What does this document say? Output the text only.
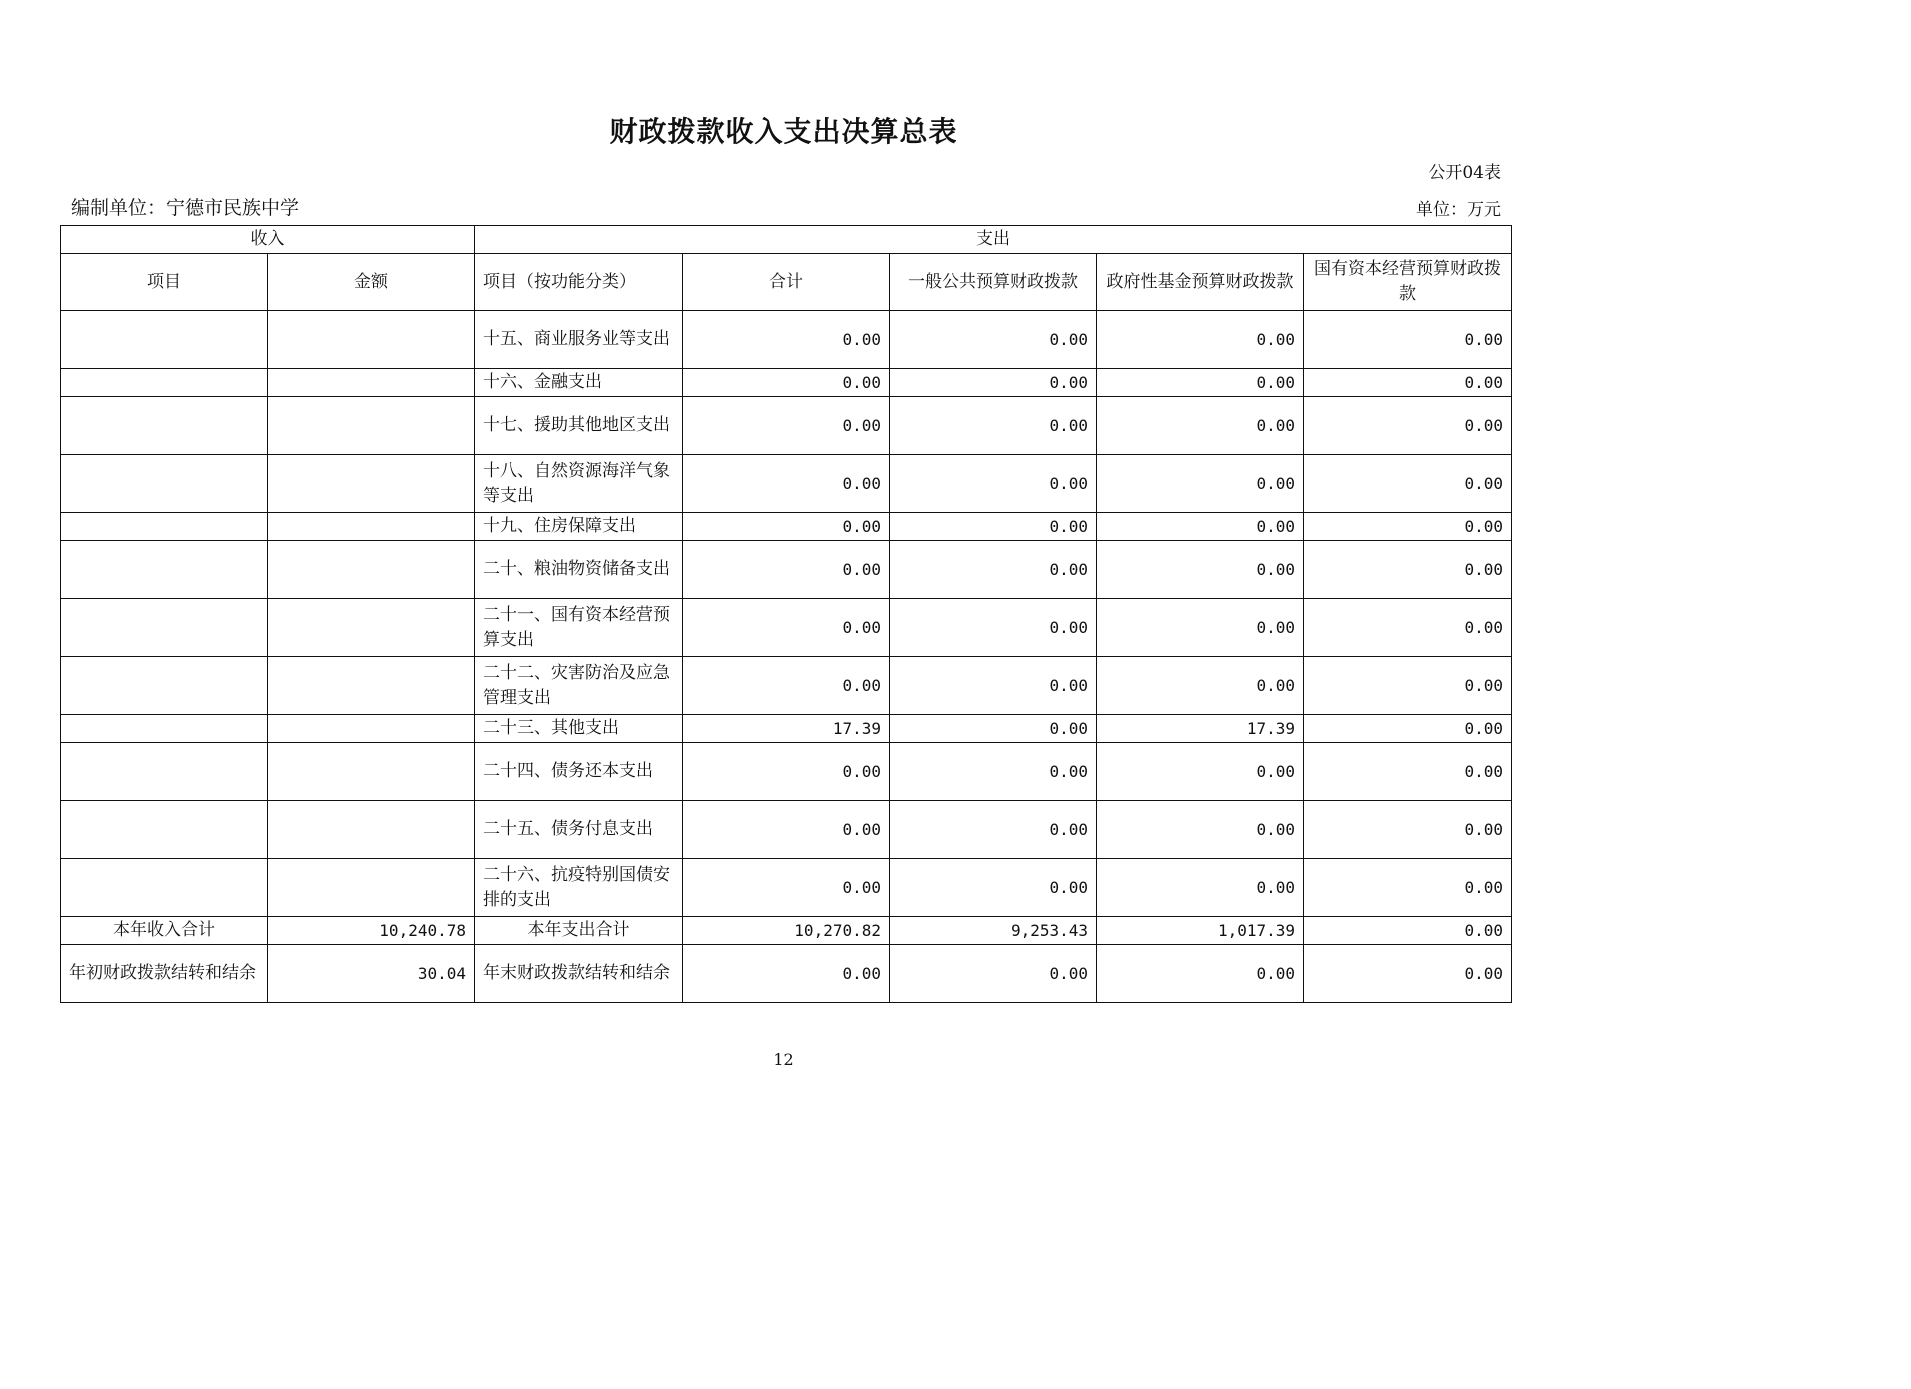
财政拨款收入支出决算总表
公开04表
编制单位：宁德市民族中学	单位：万元
收入		支出				
项目	金额	项目（按功能分类）	合计	一般公共预算财政拨款	政府性基金预算财政拨款	国有资本经营预算财政拨款
		十五、商业服务业等支出	0.00	0.00	0.00	0.00
		十六、金融支出	0.00	0.00	0.00	0.00
		十七、援助其他地区支出	0.00	0.00	0.00	0.00
		十八、自然资源海洋气象等支出	0.00	0.00	0.00	0.00
		十九、住房保障支出	0.00	0.00	0.00	0.00
		二十、粮油物资储备支出	0.00	0.00	0.00	0.00
		二十一、国有资本经营预算支出	0.00	0.00	0.00	0.00
		二十二、灾害防治及应急管理支出	0.00	0.00	0.00	0.00
		二十三、其他支出	17.39	0.00	17.39	0.00
		二十四、债务还本支出	0.00	0.00	0.00	0.00
		二十五、债务付息支出	0.00	0.00	0.00	0.00
		二十六、抗疫特别国债安排的支出	0.00	0.00	0.00	0.00
本年收入合计	10,240.78	本年支出合计	10,270.82	9,253.43	1,017.39	0.00
年初财政拨款结转和结余	30.04	年末财政拨款结转和结余	0.00	0.00	0.00	0.00
12
